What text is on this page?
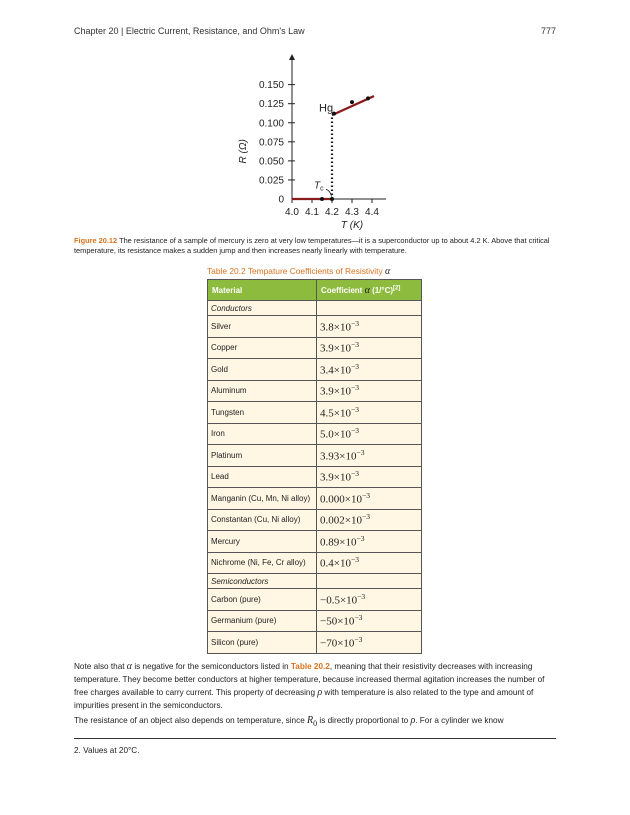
Chapter 20 | Electric Current, Resistance, and Ohm's Law	777
4.0 4.1 4.2 4.3 4.4
0
0.025
0.050
0.075
0.100
0.125
0.150
T (K)
R (Ω)
Hg
$T_c$
Figure 20.12 The resistance of a sample of mercury is zero at very low temperatures—it is a superconductor up to about 4.2 K. Above that critical temperature, its resistance makes a sudden jump and then increases nearly linearly with temperature.
Table 20.2 Tempature Coefficients of Resistivity α
Material	Coefficient α (1/°C)[2]
Conductors	
Silver	$3.8\times 10^{-3}$
Copper	$3.9\times 10^{-3}$
Gold	$3.4\times 10^{-3}$
Aluminum	$3.9\times 10^{-3}$
Tungsten	$4.5\times 10^{-3}$
Iron	$5.0\times 10^{-3}$
Platinum	$3.93\times 10^{-3}$
Lead	$3.9\times 10^{-3}$
Manganin (Cu, Mn, Ni alloy)	$0.000\times 10^{-3}$
Constantan (Cu, Ni alloy)	$0.002\times 10^{-3}$
Mercury	$0.89\times 10^{-3}$
Nichrome (Ni, Fe, Cr alloy)	$0.4\times 10^{-3}$
Semiconductors	
Carbon (pure)	$-0.5\times 10^{-3}$
Germanium (pure)	$-50\times 10^{-3}$
Silicon (pure)	$-70\times 10^{-3}$
Note also that α is negative for the semiconductors listed in Table 20.2, meaning that their resistivity decreases with increasing temperature. They become better conductors at higher temperature, because increased thermal agitation increases the number of free charges available to carry current. This property of decreasing ρ with temperature is also related to the type and amount of impurities present in the semiconductors.
The resistance of an object also depends on temperature, since $R_0$ is directly proportional to ρ. For a cylinder we know
2. Values at 20°C.
